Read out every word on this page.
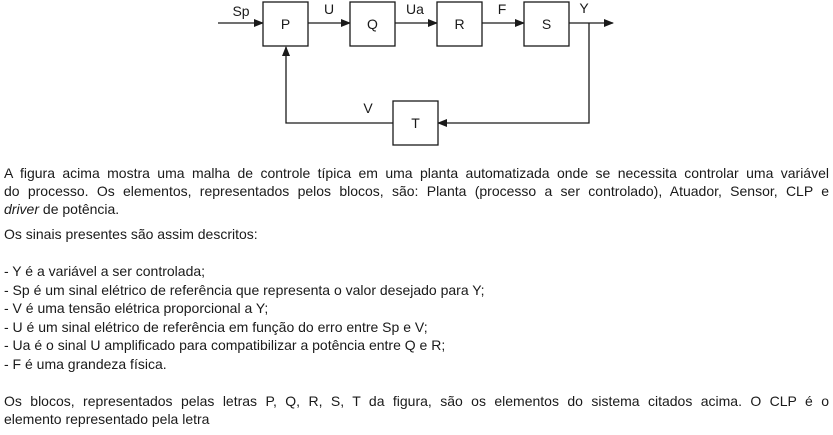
P	Q	R	S
T
Sp	U	Ua	F	Y
V
A figura acima mostra uma malha de controle típica em uma planta automatizada onde se necessita controlar uma variável
do processo. Os elementos, representados pelos blocos, são: Planta (processo a ser controlado), Atuador, Sensor, CLP e
driver de potência.
Os sinais presentes são assim descritos:
- Y é a variável a ser controlada;
- Sp é um sinal elétrico de referência que representa o valor desejado para Y;
- V é uma tensão elétrica proporcional a Y;
- U é um sinal elétrico de referência em função do erro entre Sp e V;
- Ua é o sinal U amplificado para compatibilizar a potência entre Q e R;
- F é uma grandeza física.
Os blocos, representados pelas letras P, Q, R, S, T da figura, são os elementos do sistema citados acima. O CLP é o
elemento representado pela letra
